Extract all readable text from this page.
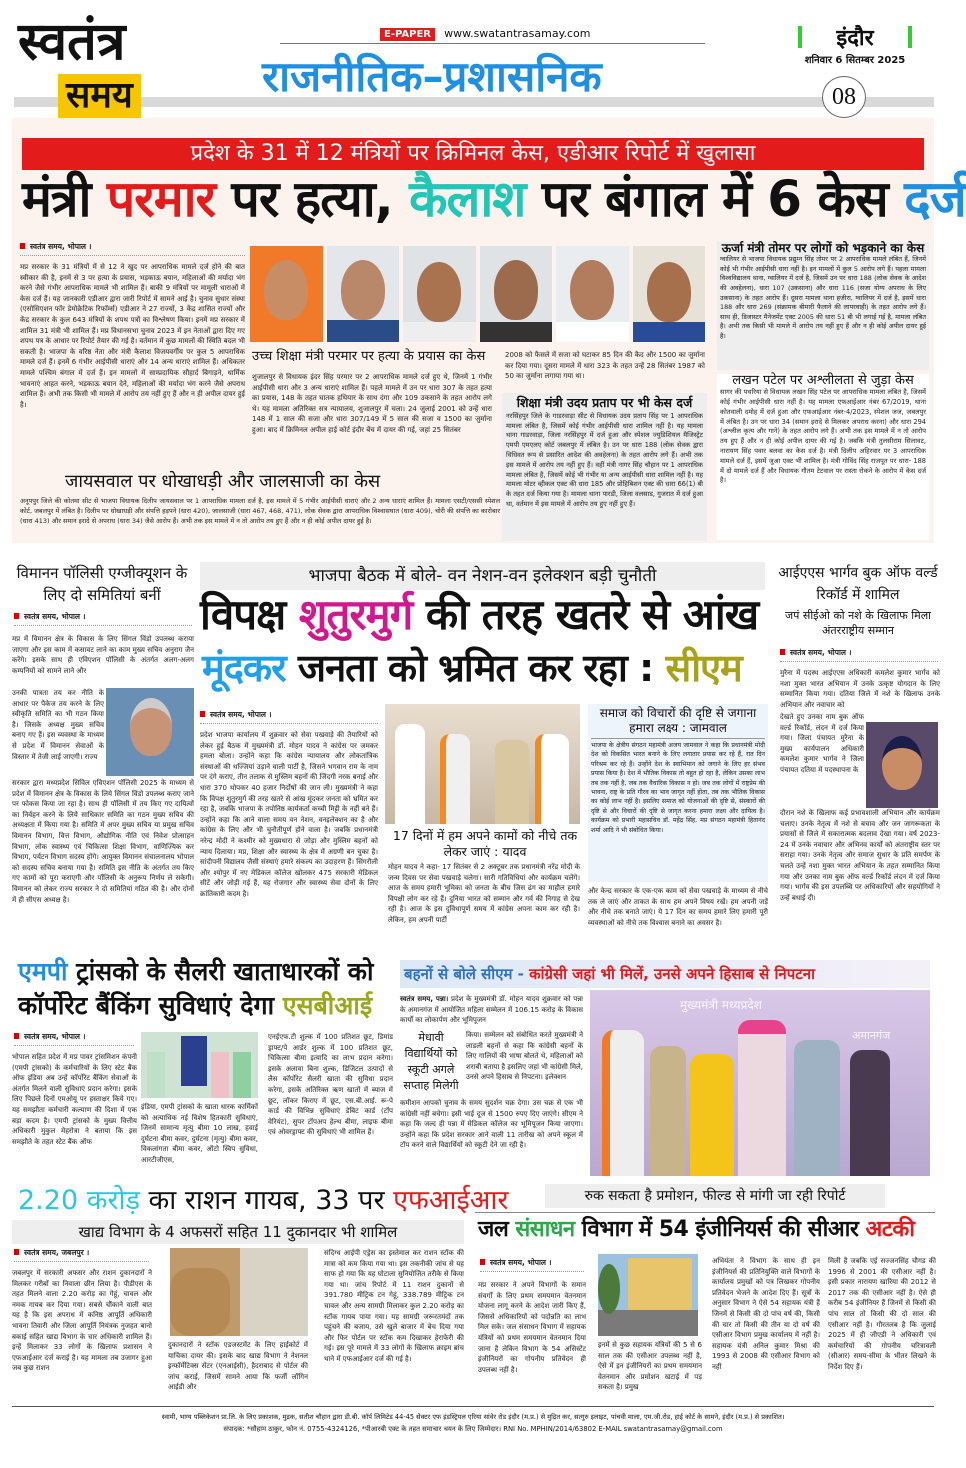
स्वतंत्र
समय
E-PAPER www.swatantrasamay.com
राजनीतिक–प्रशासनिक
इंदौर
शनिवार 6 सितम्बर 2025
08
प्रदेश के 31 में 12 मंत्रियों पर क्रिमिनल केस, एडीआर रिपोर्ट में खुलासा
मंत्री परमार पर हत्या, कैलाश पर बंगाल में 6 केस दर्ज
स्वतंत्र समय, भोपाल ।
मप्र सरकार के 31 मंत्रियों में से 12 ने खुद पर आपराधिक मामले दर्ज होने की बात स्वीकार की है, इनमें से 3 पर हत्या के प्रयास, भड़काऊ बयान, महिलाओं की मर्यादा भंग करने जैसे गंभीर आपराधिक मामले भी शामिल हैं। बाकी 9 मंत्रियों पर मामूली धाराओं में केस दर्ज हैं। यह जानकारी एडीआर द्वारा जारी रिपोर्ट में सामने आई है। चुनाव सुधार संस्था (एसोसिएशन फॉर डेमोक्रेटिक रिफॉर्म्स) एडीआर ने 27 राज्यों, 3 केंद्र शासित राज्यों और केंद्र सरकार के कुल 643 मंत्रियों के शपथ पत्रों का विश्लेषण किया। इनमें मप्र सरकार में शामिल 31 मंत्री भी शामिल हैं। मप्र विधानसभा चुनाव 2023 में इन नेताओं द्वारा दिए गए शपथ पत्र के आधार पर रिपोर्ट तैयार की गई है। वर्तमान में कुछ मामलों की स्थिति बदल भी सकती है। भाजपा के वरिष्ठ नेता और मंत्री कैलाश विजयवर्गीय पर कुल 5 आपराधिक मामले दर्ज हैं। इनमें 6 गंभीर आईपीसी धाराएं और 14 अन्य धाराएं शामिल हैं। अधिकतर मामले पश्चिम बंगाल में दर्ज हैं। इन मामलों में साम्प्रदायिक सौहार्द बिगाड़ने, धार्मिक भावनाएं आहत करने, भड़काऊ बयान देने, महिलाओं की मर्यादा भंग करने जैसे अपराध शामिल हैं। अभी तक किसी भी मामले में आरोप तय नहीं हुए हैं और न ही अपील दायर हुई है।
उच्च शिक्षा मंत्री परमार पर हत्या के प्रयास का केस
शुजालपुर से विधायक इंदर सिंह परमार पर 2 आपराधिक मामले दर्ज हुए थे, जिनमें 1 गंभीर आईपीसी धारा और 3 अन्य धाराएं शामिल हैं। पहले मामले में उन पर धारा 307 के तहत हत्या का प्रयास, 148 के तहत घातक हथियार के साथ दंगा और 109 उकसाने के तहत आरोप लगे थे। यह मामला अतिरिक्त सत्र न्यायालय, शुजालपुर में चला। 24 जुलाई 2001 को उन्हें धारा 148 में 1 साल की सजा और धारा 307/149 में 5 साल की सजा व 1500 का जुर्माना हुआ। बाद में क्रिमिनल अपील हाई कोर्ट इंदौर बेंच में दायर की गई, जहां 25 सितंबर
2008 को फैसले में सजा को घटाकर 85 दिन की कैद और 1500 का जुर्माना कर दिया गया। दूसरा मामले में धारा 323 के तहत उन्हें 28 सितंबर 1987 को 50 का जुर्माना लगाया गया था।
शिक्षा मंत्री उदय प्रताप पर भी केस दर्ज
नरसिंहपुर जिले के गाडरवाड़ा सीट से विधायक उदय प्रताप सिंह पर 1 आपराधिक मामला लंबित है, जिसमें कोई गंभीर आईपीसी धारा शामिल नहीं है। यह मामला थाना गाडरवाड़ा, जिला नरसिंहपुर में दर्ज हुआ और स्पेशल ज्युडिशियल मैजिस्ट्रेट एमपी एमएलए कोर्ट जबलपुर में लंबित है। उन पर धारा 188 (लोक सेवक द्वारा विधिवत रूप से प्रसारित आदेश की अवहेलना) के तहत आरोप लगे हैं। अभी तक इस मामले में आरोप तय नहीं हुए हैं। वहीं मंत्री नागर सिंह चौहान पर 1 आपराधिक मामला लंबित है, जिसमें कोई भी गंभीर या अन्य आईपीसी धारा शामिल नहीं है। यह मामला मोटर व्हीकल एक्ट की धारा 185 और प्रोहिबिशन एक्ट की धारा 66(1) बी के तहत दर्ज किया गया है। मामला थाना पारडी, जिला वलसाड, गुजरात में दर्ज हुआ था, वर्तमान में इस मामले में आरोप तय हुए नहीं हुए हैं।
जायसवाल पर धोखाधड़ी और जालसाजी का केस
अनूपपुर जिले की कोतमा सीट से भाजपा विधायक दिलीप जायसवाल पर 1 आपराधिक मामला दर्ज है, इस मामले में 5 गंभीर आईपीसी धाराएं और 2 अन्य धाराएं शामिल हैं। मामला एसटी/एससी स्पेशल कोर्ट, जबलपुर में लंबित है। दिलीप पर धोखाधड़ी और संपत्ति हड़पने (धारा 420), जालसाजी (धारा 467, 468, 471), लोक सेवक द्वारा आपराधिक विश्वासघात (धारा 409), चोरी की संपत्ति का कारोबार (धारा 413) और समान इरादे से अपराध (धारा 34) जैसे आरोप हैं। अभी तक इस मामले में न तो आरोप तय हुए हैं और न ही कोई अपील दायर हुई है।
ऊर्जा मंत्री तोमर पर लोगों को भड़काने का केस
ग्वालियर से भाजपा विधायक प्रद्युम्न सिंह तोमर पर 2 आपराधिक मामले लंबित हैं, जिनमें कोई भी गंभीर आईपीसी धारा नहीं है। इन मामलों में कुल 5 आरोप लगे हैं। पहला मामला विश्वविद्यालय थाना, ग्वालियर में दर्ज है, जिसमें उन पर धारा 188 (लोक सेवक के आदेश की अवहेलना), धारा 107 (उकसाना) और धारा 116 (सजा योग्य अपराध के लिए उकसाना) के तहत आरोप हैं। दूसरा मामला थाना हजीरा, ग्वालियर में दर्ज है, इसमें धारा 188 और धारा 269 (संक्रामक बीमारी फैलाने की लापरवाही) के तहत आरोप लगे हैं। साथ ही, डिजास्टर मैनेजमेंट एक्ट 2005 की धारा 51 बी भी लगाई गई है, मामला लंबित है। अभी तक किसी भी मामले में आरोप तय नहीं हुए हैं और न ही कोई अपील दायर हुई है।
लखन पटेल पर अश्लीलता से जुड़ा केस
सागर की पथरिया से विधायक लखन सिंह पटेल पर आपराधिक मामला लंबित है, जिसमें कोई गंभीर आईपीसी धारा नहीं है। यह मामला एफआईआर नंबर 67/2019, थाना कोतवाली दमोह में दर्ज हुआ और एफआईआर नंबर-4/2023, स्पेशल जज, जबलपुर में लंबित है। उन पर धारा 34 (समान इरादे से मिलकर अपराध करना) और धारा 294 (अश्लील कृत्य और गाने) के तहत आरोप लगे हैं। अभी तक इस मामले में न तो आरोप तय हुए हैं और न ही कोई अपील दायर की गई है। जबकि मंत्री तुलसीराम सिलावट, नारायण सिंह पवार बलवा का केस दर्ज है। मंत्री दिलीप अहिरवार पर 3 आपराधिक मामले दर्ज हैं, इसमें जुआ एक्ट भी शामिल है। मंत्री गोविंद सिंह राजपूत पर धारा- 188 में दो मामले दर्ज हैं और विधायक गौतम टेटवाल पर रास्ता रोकने के आरोप में केस दर्ज है।
विमानन पॉलिसी एग्जीक्यूशन के लिए दो समितियां बनीं
स्वतंत्र समय, भोपाल ।
मप्र में विमानन क्षेत्र के विकास के लिए सिंगल विंडो उपलब्ध कराया जाएगा और इस काम में कसावट लाने का काम मुख्य सचिव अनुराग जैन करेंगे। इसके साथ ही एविएशन पॉलिसी के अंतर्गत अलग-अलग कम्पनियों को सामने लाने और
उनकी पात्रता तय कर नीति के आधार पर पैकेज तय करने के लिए स्वीकृति समिति का भी गठन किया है। जिसके अध्यक्ष मुख्य सचिव बनाए गए हैं। इस व्यवस्था के माध्यम से प्रदेश में विमानन सेवाओं के विस्तार में तेजी लाई जाएगी। राज्य
सरकार द्वारा मध्यप्रदेश सिविल एविएशन पॉलिसी 2025 के माध्यम से प्रदेश में विमानन क्षेत्र के विकास के लिये सिंगल विंडो उपलब्ध कराए जाने पर फोकस किया जा रहा है। साथ ही पॉलिसी में तय किए गए दायित्वों का निर्वहन करने के लिये साधिकार समिति का गठन मुख्य सचिव की अध्यक्षता में किया गया है। समिति में अपर मुख्य सचिव या प्रमुख सचिव विमानन विभाग, वित्त विभाग, औद्योगिक नीति एवं निवेश प्रोत्साहन विभाग, लोक स्वास्थ्य एवं चिकित्सा शिक्षा विभाग, वाणिज्यिक कर विभाग, पर्यटन विभाग सदस्य होंगे। आयुक्त विमानन संचालनालय भोपाल को सदस्य सचिव बनाया गया है। समिति इस नीति के अंतर्गत तय किए गए कामों को पूरा कराएगी और पॉलिसी के अनुरूप निर्णय ले सकेगी। विमानन को लेकर राज्य सरकार ने दो समितियां गठित की है। और दोनों में ही सीएस अध्यक्ष है।
भाजपा बैठक में बोले- वन नेशन-वन इलेक्शन बड़ी चुनौती
विपक्ष शुतुरमुर्ग की तरह खतरे से आंख
मूंदकर जनता को भ्रमित कर रहा : सीएम
स्वतंत्र समय, भोपाल ।
प्रदेश भाजपा कार्यालय में शुक्रवार को सेवा पखवाड़े की तैयारियों को लेकर हुई बैठक में मुख्यमंत्री डॉ. मोहन यादव ने कांग्रेस पर जमकर हमला बोला। उन्होंने कहा कि कांग्रेस न्यायालय और लोकतांत्रिक संस्थाओं की धज्जियां उड़ाने वाली पार्टी है, जिसने भगवान राम के नाम पर दंगे कराए, तीन तलाक से मुस्लिम बहनों की जिंदगी नरक बनाई और धारा 370 थोपकर 40 हजार निर्दोषों की जान ली। मुख्यमंत्री ने कहा कि विपक्ष शुतुरमुर्ग की तरह खतरे से आंख मूंदकर जनता को भ्रमित कर रहा है, जबकि भाजपा के तपोनिष्ठ कार्यकर्ता कच्ची मिट्टी के नहीं बने हैं। उन्होंने कहा कि आने वाला समय वन नेशन, वनइलेक्शन का है और कांग्रेस के लिए और भी चुनौतीपूर्ण होने वाला है। जबकि प्रधानमंत्री नरेन्द्र मोदी ने कश्मीर को मुख्यधारा से जोड़ा और मुस्लिम बहनों को न्याय दिलाया। मप्र, शिक्षा और स्वास्थ्य के क्षेत्र में अग्रणी बन चुका है। सांदीपनी विद्यालय जैसी संस्थाएं हमारे संकल्प का उदाहरण हैं। सिंगरौली और श्योपुर में नए मेडिकल कॉलेज खोलकर 475 सरकारी मेडिकल सीटें और जोड़ी गई हैं, यह रोजगार और स्वास्थ्य सेवा दोनों के लिए क्रांतिकारी कदम है।
17 दिनों में हम अपने कामों को नीचे तक लेकर जाएं : यादव
मोहन यादव ने कहा- 17 सितंबर से 2 अक्टूबर तक प्रधानमंत्री नरेंद्र मोदी के जन्म दिवस पर सेवा पखवाड़े चलेगा। सारी गतिविधियां और कार्यक्रम चलेंगे। आज के समय हमारी भूमिका को जनता के बीच जिस ढंग का माहौल हमारे विपक्षी लोग कर रहे हैं। दुनिया भारत को सम्मान और गर्व की निगाह से देख रही है। आज के इस दुविधापूर्ण समय में कांग्रेस अपना काम कर रही है। लेकिन, हम अपनी पार्टी
समाज को विचारों की दृष्टि से जगाना हमारा लक्ष्य : जामवाल
भाजपा के क्षेत्रीय संगठन महामंत्री अजय जामवाल ने कहा कि प्रधानमंत्री मोदी देश को विकसित भारत बनाने के लिए लगातार प्रयास कर रहे हैं, रात दिन परिश्रम कर रहे हैं। उन्होंने देश के स्वाभिमान को जगाने के लिए हर संभव प्रयास किया है। देश में भौतिक विकास तो बहुत हो रहा है, लेकिन उसका लाभ तब तक नहीं है, जब तक वैचारिक विकास न हो। जब तक लोगों में राष्ट्रप्रेम की भावना, राष्ट्र के प्रति गौरव का भाव जागृत नहीं होता, तब तक भौतिक विकास का कोई लाभ नहीं है। इसलिए समाज को योजनाओं की दृष्टि से, संस्कारों की दृष्टि से और विचारों की दृष्टि से जागृत करना हमारा लक्ष्य और दायित्व है। कार्यक्रम को प्रभारी महासचिव डॉ. महेंद्र सिंह, मप्र संगठन महामंत्री हितानंद शर्मा आदि ने भी संबोधित किया।
और केन्द्र सरकार के एक-एक काम को सेवा पखवाड़े के माध्यम से नीचे तक ले जाएं और ताकत के साथ हम अपने विषय रखें। हम अपनी जड़ें और नीचे तक बनाते जाएं। ये 17 दिन का समय हमारे लिए हमारी पूरी व्यवस्थाओं को नीचे तक विश्वास बनाने का अवसर है।
आईएएस भार्गव बुक ऑफ वर्ल्ड रिकॉर्ड में शामिल
जपं सीईओ को नशे के खिलाफ मिला अंतरराष्ट्रीय सम्मान
स्वतंत्र समय, भोपाल ।
मुरैना में पदस्थ आईएएस अधिकारी कमलेश कुमार भार्गव को नशा मुक्त भारत अभियान में उनके उत्कृष्ट योगदान के लिए सम्मानित किया गया। दतिया जिले में नशे के खिलाफ उनके अभियान और नवाचार को
देखते हुए उनका नाम बुक ऑफ वर्ल्ड रिकॉर्ड, लंदन में दर्ज किया गया। जिला पंचायत मुरैना के मुख्य कार्यपालन अधिकारी कमलेश कुमार भार्गव ने जिला पंचायत दतिया में पदस्थापना के
दौरान नशे के खिलाफ कई प्रभावशाली अभियान और कार्यक्रम चलाए। उनके नेतृत्व में नशे से बचाव और जन जागरूकता के प्रयासों से जिले में सकारात्मक बदलाव देखा गया। वर्ष 2023-24 में उनके नवाचार और अभिनव कार्यों को अंतराष्ट्रीय स्तर पर सराहा गया। उनके नेतृत्व और समाज सुधार के प्रति समर्पण के चलते उन्हें नशा मुक्त भारत अभियान के तहत सम्मानित किया गया और उनका नाम बुक ऑफ वर्ल्ड रिकॉर्ड लंदन में दर्ज किया गया। भार्गव की इस उपलब्धि पर अधिकारियों और सहयोगियों ने उन्हें बधाई दी।
एमपी ट्रांसको के सैलरी खाताधारकों को
कॉर्पोरेट बैंकिंग सुविधाएं देगा एसबीआई
स्वतंत्र समय, भोपाल ।
भोपाल सहित प्रदेश में मप्र पावर ट्रांसमिशन कंपनी (एमपी ट्रांसको) के कर्मचारियों के लिए स्टेट बैंक ऑफ इंडिया अब उन्हें कॉर्पोरेट बैंकिंग सेवाओं के अंतर्गत मिलने वाली सुविधाएं प्रदान करेगा। इसके लिए पिछले दिनों एमओयू पर हस्ताक्षर किये गए। यह समझौता कर्मचारी कल्याण की दिशा में एक बड़ा कदम है। एमपी ट्रांसको के मुख्य वित्तीय अधिकारी मुकुल मेहरोत्रा ने बताया कि इस समझौते के तहत स्टेट बैंक ऑफ
इंडिया, एमपी ट्रांसको के खाता धारक कार्मिकों को अत्याधिक नई विशेष हितकारी सुविधाएं, जिनमें सामान्य मृत्यु बीमा 10 लाख, हवाई दुर्घटना बीमा कवर, दुर्घटना (मृत्यु) बीमा कवर, विकलांगता बीमा कवर, ऑटो स्विप सुविधा, आरटीजीएस,
एनईएफ.टी शुल्क में 100 प्रतिशत छूट, डिमांड ड्राफ्ट/पे आर्डर शुल्क में 100 प्रतिशत छूट, चिकित्सा बीमा इत्यादि का लाभ प्रदान करेगा। इसके अलावा बिना शुल्क, डिजिटल उत्पादों से लैस कॉर्पोरेट सैलरी खाता की सुविधा प्रदान करेगा, इसके अतिरिक्त ऋण खातों में ब्याज में छूट, लॉकर किराए में छूट, एस.बी.आई. रू-पे कार्ड की विभिन्न सुविधाएं डेबिट कार्ड (टॉप वेरियंट), सुपर टॉपअप हेल्थ बीमा, लाइफ बीमा एवं ओवरड्राफ्ट की सुविधाएं भी शामिल हैं।
बहनों से बोले सीएम - कांग्रेसी जहां भी मिलें, उनसे अपने हिसाब से निपटना
स्वतंत्र समय, पन्ना। प्रदेश के मुख्यमंत्री डॉ. मोहन यादव शुक्रवार को पन्ना के अमानगंज में आयोजित महिला सम्मेलन में 106.15 करोड़ के विकास कार्यों का लोकार्पण और भूमिपूजन
मेधावी विद्यार्थियों को स्कूटी अगले सप्ताह मिलेगी
किया। सम्मेलन को संबोधित करते मुख्यमंत्री ने लाडली बहनों से कहा कि कांग्रेसी बहनों के लिए गालियों की भाषा बोलते थे, महिलाओं को शराबी बताया है इसलिए जहां भी कांग्रेसी मिले, उनसे अपने हिसाब से निपटना। इलेक्शन
कमीशन आपको चुनाव के समय सुदर्शन चक्र देगा। उस चक्र से एक भी कांग्रेसी नहीं बचेगा। इसी भाई दूज से 1500 रुपए दिए जाएंगे। सीएम ने कहा कि जल्द ही पन्ना में मेडिकल कॉलेज का भूमिपूजन किया जाएगा। उन्होंने कहा कि प्रदेश सरकार आने वाली 11 तारीख को अपने स्कूल में टॉप करने वाले विद्यार्थियों को स्कूटी देने जा रही है।
मुख्यमंत्री मध्यप्रदेश
अमानगंज
2.20 करोड़ का राशन गायब, 33 पर एफआईआर
खाद्य विभाग के 4 अफसरों सहित 11 दुकानदार भी शामिल
स्वतंत्र समय, जबलपुर ।
जबलपुर में सरकारी अफसर और राशन दुकानदारों ने मिलकर गरीबों का निवाला छीन लिया है। पीडीएस के तहत मिलने वाला 2.20 करोड़ का गेहूं, चावल और नमक गायब कर दिया गया। सबसे चौंकाने वाली बात यह है कि इस अपराध में कनिष्ठ आपूर्ति अधिकारी भावना तिवारी और जिला आपूर्ति नियंत्रक नुजहत बानो बकाई सहित खाद्य विभाग के चार अधिकारी शामिल हैं। इन्हें मिलाकर 33 लोगों के खिलाफ प्रशासन ने एफआईआर दर्ज कराई है। यह मामला तब उजागर हुआ जब कुछ राशन
दुकानदारों ने स्टॉक एडजस्टमेंट के लिए हाईकोर्ट में याचिका दायर की। इसके बाद खाद्य विभाग ने नेशनल इन्फॉर्मेटिक्स सेंटर (एनआईसी), हैदराबाद से पोर्टल की जांच कराई, जिसमें सामने आया कि फर्जी लॉगिन आईडी और
संदिग्ध आईपी एड्रेस का इस्तेमाल कर राशन स्टॉक की मात्रा को कम किया गया था। इस तकनीकी जांच से यह साफ हो गया कि यह घोटाला सुनियोजित तरीके से किया गया था। जांच रिपोर्ट में 11 राशन दुकानों से 391.780 मीट्रिक टन गेहूं, 338.789 मीट्रिक टन चावल और अन्य सामग्री मिलाकर कुल 2.20 करोड़ का स्टॉक गायब पाया गया। यह सामग्री जरूरतमंदों तक पहुंचने की बजाय, उसे खुले बाजार में बेच दिया गया और फिर पोर्टल पर स्टॉक कम दिखाकर हेराफेरी की गई। इस पूरे मामले में 33 लोगों के खिलाफ क्राइम ब्रांच थाने में एफआईआर दर्ज की गई है।
रुक सकता है प्रमोशन, फील्ड से मांगी जा रही रिपोर्ट
जल संसाधन विभाग में 54 इंजीनियर्स की सीआर अटकी
स्वतंत्र समय, भोपाल ।
मप्र सरकार ने अपने विभागों के समान संवर्गों के लिए प्रथम समयमान वेतनमान योजना लागू करने के आदेश जारी किए हैं, जिससे अधिकारियों को पदोन्नति का लाभ मिल सके। जल संसाधन विभाग में सहायक यंत्रियों को प्रथम समयमान वेतनमान दिया जाना है लेकिन विभाग के 54 असिस्टेंट इंजीनियरों का गोपनीय प्रतिवेदन ही उपलब्ध नहीं है।
इनमें से कुछ सहायक यंत्रियों की 5 से 6 साल तक की एसीआर उपलब्ध नहीं है, ऐसे में इन इंजीनियरों का प्रथम समयमान वेतनमान और प्रमोशन खटाई में पड़ सकता है। प्रमुख
अभियंता ने विभाग के साथ ही इन इंजीनियर्स की प्रतिनियुक्ति वाले विभागों के कार्यालय प्रमुखों को पत्र लिखकर गोपनीय प्रतिवेदन भेजने के आदेश दिए हैं। सूत्रों के अनुसार विभाग ने ऐसे 54 सहायक यंत्री हैं जिनमें से किसी की दो पांच वर्ष की, किसी की चार तो किसी की तीन या दो वर्ष की एसीआर विभाग प्रमुख कार्यालय में नहीं है। सहायक यंत्री अनिल कुमार मिश्रा की 1993 से 2008 की एसीआर विभाग को नहीं
मिली है जबकि एई सज्जनसिंह चौगड की 1996 से 2001 की एसीआर नहीं है। इसी प्रकार नारायण खारिया की 2012 से 2017 तक की एसीआर नहीं है। ऐसे ही करीब 54 इंजीनियर हैं जिनमें से किसी की पांच साल तो किसी की दो साल की एसीआर नहीं है। गौरतलब है कि जुलाई 2025 में ही जीएडी ने अधिकारी एवं कर्मचारियों की गोपनीय चरित्रावली (सीआर) समय-सीमा के भीतर लिखने के निर्देश दिए हैं।
स्वामी, भाग्य पब्लिकेशन प्रा.लि. के लिए प्रकाशक, मुद्रक, सतीश चौहान द्वारा डी.बी. कॉर्प लिमिटेड 44-45 सेक्टर एफ इंडस्ट्रियल एरिया सांवेर रोड इंदौर (म.प्र.) से मुद्रित कर, सत्गुरु इलाइट, पांचवी माला, एम.जी.रोड, हाई कोर्ट के सामने, इंदौर (म.प्र.) से प्रकाशित।
संपादक: *सौहाम ठाकुर, फोन नं. 0755-4324126, *पीआरबी एक्ट के तहत समाचार चयन के लिए जिम्मेदार। RNI No. MPHIN/2014/63802 E-MAIL swatantrasamay@gmail.com
